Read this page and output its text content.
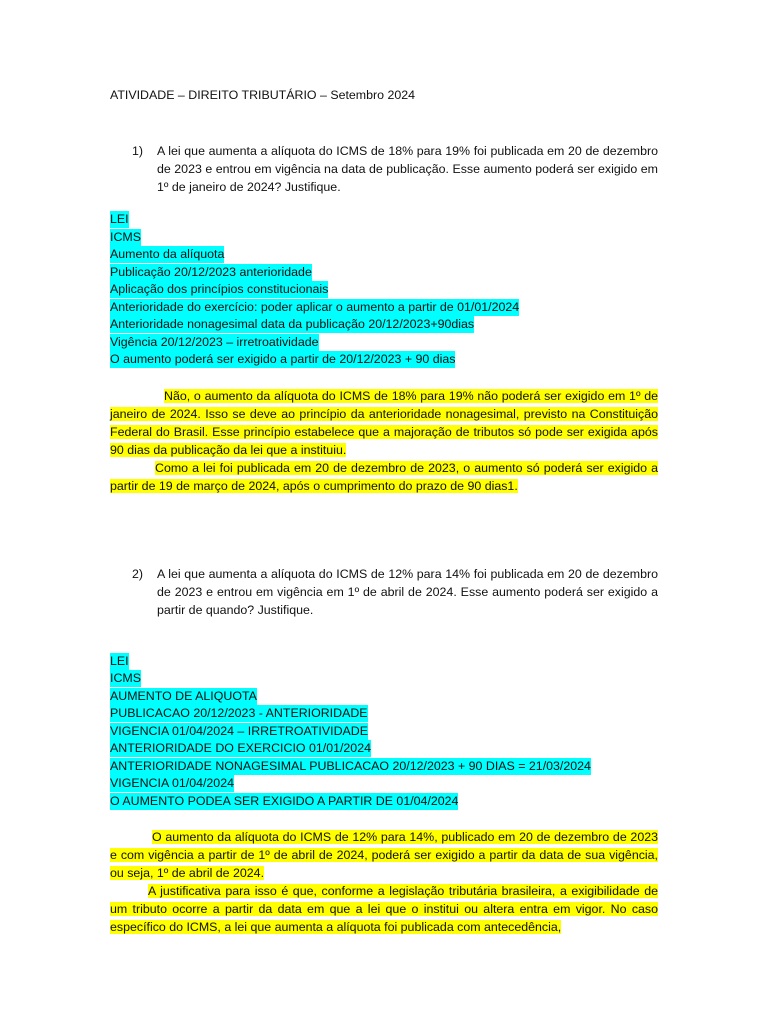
ATIVIDADE – DIREITO TRIBUTÁRIO – Setembro 2024
1) A lei que aumenta a alíquota do ICMS de 18% para 19% foi publicada em 20 de dezembro de 2023 e entrou em vigência na data de publicação. Esse aumento poderá ser exigido em 1º de janeiro de 2024? Justifique.
LEI
ICMS
Aumento da alíquota
Publicação 20/12/2023 anterioridade
Aplicação dos princípios constitucionais
Anterioridade do exercício: poder aplicar o aumento a partir de 01/01/2024
Anterioridade nonagesimal data da publicação 20/12/2023+90dias
Vigência 20/12/2023 – irretroatividade
O aumento poderá ser exigido a partir de 20/12/2023 + 90 dias
Não, o aumento da alíquota do ICMS de 18% para 19% não poderá ser exigido em 1º de janeiro de 2024. Isso se deve ao princípio da anterioridade nonagesimal, previsto na Constituição Federal do Brasil. Esse princípio estabelece que a majoração de tributos só pode ser exigida após 90 dias da publicação da lei que a instituiu.
Como a lei foi publicada em 20 de dezembro de 2023, o aumento só poderá ser exigido a partir de 19 de março de 2024, após o cumprimento do prazo de 90 dias1.
2) A lei que aumenta a alíquota do ICMS de 12% para 14% foi publicada em 20 de dezembro de 2023 e entrou em vigência em 1º de abril de 2024. Esse aumento poderá ser exigido a partir de quando? Justifique.
LEI
ICMS
AUMENTO DE ALIQUOTA
PUBLICACAO 20/12/2023 - ANTERIORIDADE
VIGENCIA 01/04/2024 – IRRETROATIVIDADE
ANTERIORIDADE DO EXERCICIO 01/01/2024
ANTERIORIDADE NONAGESIMAL PUBLICACAO 20/12/2023 + 90 DIAS = 21/03/2024
VIGENCIA 01/04/2024
O AUMENTO PODEA SER EXIGIDO A PARTIR DE 01/04/2024
O aumento da alíquota do ICMS de 12% para 14%, publicado em 20 de dezembro de 2023 e com vigência a partir de 1º de abril de 2024, poderá ser exigido a partir da data de sua vigência, ou seja, 1º de abril de 2024.
A justificativa para isso é que, conforme a legislação tributária brasileira, a exigibilidade de um tributo ocorre a partir da data em que a lei que o institui ou altera entra em vigor. No caso específico do ICMS, a lei que aumenta a alíquota foi publicada com antecedência,
